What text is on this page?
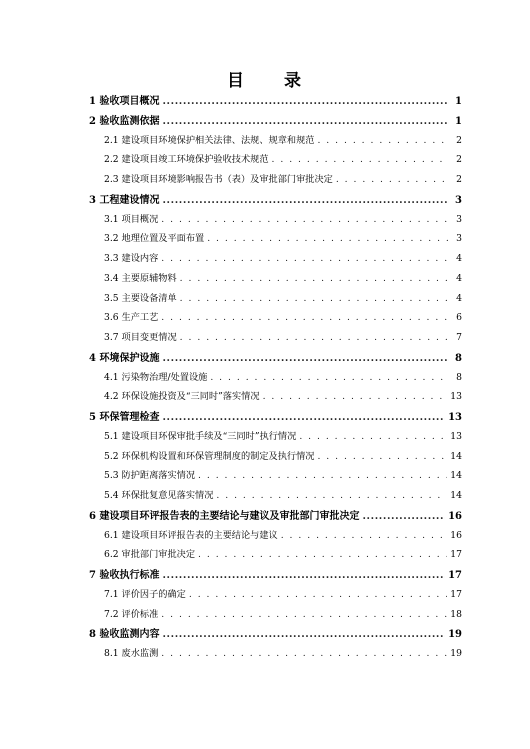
目　　录
1 验收项目概况 .....	1
2 验收监测依据 .....	1
2.1 建设项目环境保护相关法律、法规、规章和规范 . . .	2
2.2 建设项目竣工环境保护验收技术规范 . . .	2
2.3 建设项目环境影响报告书（表）及审批部门审批决定 . . .	2
3 工程建设情况 .....	3
3.1 项目概况 . . .	3
3.2 地理位置及平面布置 . . .	3
3.3 建设内容 . . .	4
3.4 主要原辅物料 . . .	4
3.5 主要设备清单 . . .	4
3.6 生产工艺 . . .	6
3.7 项目变更情况 . . .	7
4 环境保护设施 .....	8
4.1 污染物治理/处置设施 . . .	8
4.2 环保设施投资及“三同时”落实情况 . . .	13
5 环保管理检查 .....	13
5.1 建设项目环保审批手续及“三同时”执行情况 . . .	13
5.2 环保机构设置和环保管理制度的制定及执行情况 . . .	14
5.3 防护距离落实情况 . . .	14
5.4 环保批复意见落实情况 . . .	14
6 建设项目环评报告表的主要结论与建议及审批部门审批决定 .....	16
6.1 建设项目环评报告表的主要结论与建议 . . .	16
6.2 审批部门审批决定 . . .	17
7 验收执行标准 .....	17
7.1 评价因子的确定 . . .	17
7.2 评价标准 . . .	18
8 验收监测内容 .....	19
8.1 废水监测 . . .	19
